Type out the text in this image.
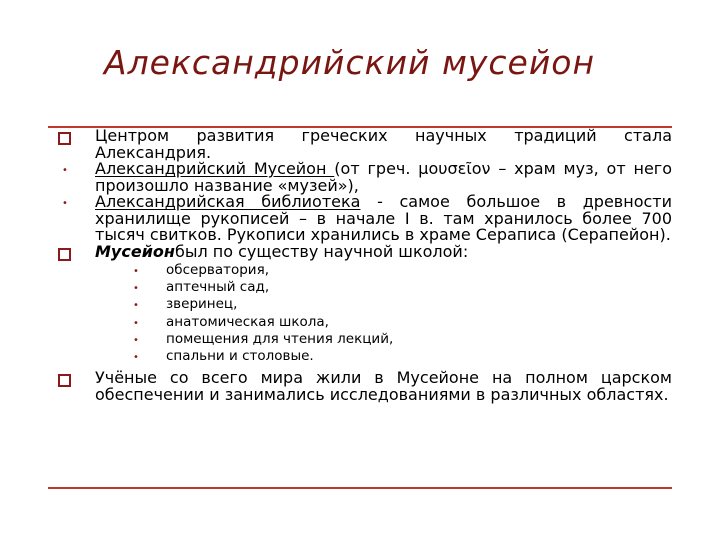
Александрийский мусейон

Центром развития греческих научных традиций стала Александрия.

• Александрийский Мусейон (от греч. μουσεῖον – храм муз, от него произошло название «музей»),

• Александрийская библиотека - самое большое в древности хранилище рукописей – в начале I в. там хранилось более 700 тысяч свитков. Рукописи хранились в храме Сераписа (Серапейон).

Мусейонбыл по существу научной школой:

• обсерватория,
• аптечный сад,
• зверинец,
• анатомическая школа,
• помещения для чтения лекций,
• спальни и столовые.

Учёные со всего мира жили в Мусейоне на полном царском обеспечении и занимались исследованиями в различных областях.
